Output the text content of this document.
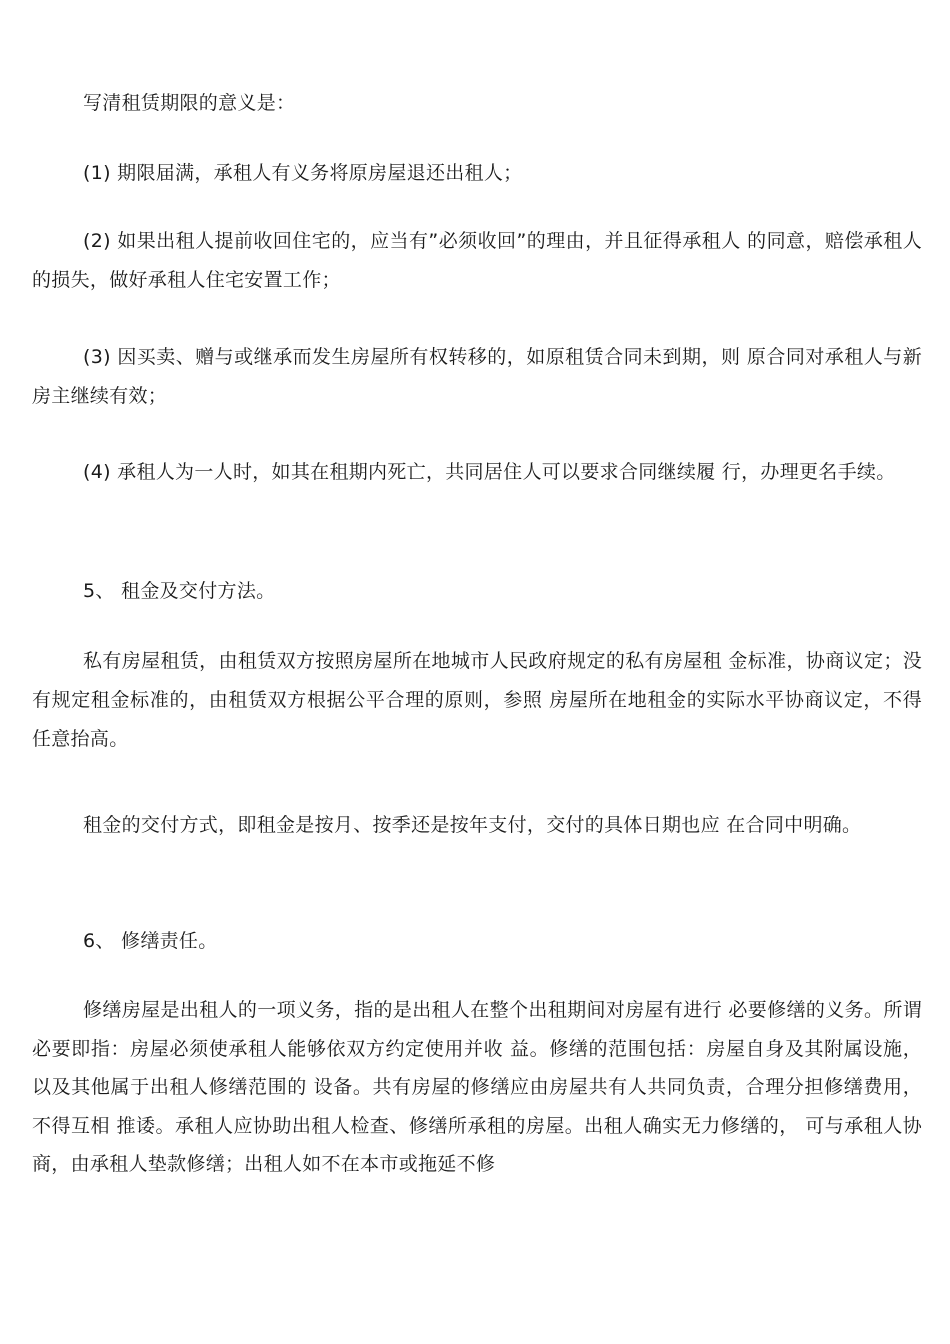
写清租赁期限的意义是：

(1) 期限届满，承租人有义务将原房屋退还出租人；

(2) 如果出租人提前收回住宅的，应当有”必须收回”的理由，并且征得承租人 的同意，赔偿承租人的损失，做好承租人住宅安置工作；

(3) 因买卖、赠与或继承而发生房屋所有权转移的，如原租赁合同未到期，则 原合同对承租人与新房主继续有效；

(4) 承租人为一人时，如其在租期内死亡，共同居住人可以要求合同继续履 行，办理更名手续。

5、 租金及交付方法。

私有房屋租赁，由租赁双方按照房屋所在地城市人民政府规定的私有房屋租 金标准，协商议定；没有规定租金标准的，由租赁双方根据公平合理的原则，参照 房屋所在地租金的实际水平协商议定，不得任意抬高。

租金的交付方式，即租金是按月、按季还是按年支付，交付的具体日期也应 在合同中明确。

6、 修缮责任。

修缮房屋是出租人的一项义务，指的是出租人在整个出租期间对房屋有进行 必要修缮的义务。所谓必要即指：房屋必须使承租人能够依双方约定使用并收 益。修缮的范围包括：房屋自身及其附属设施，以及其他属于出租人修缮范围的 设备。共有房屋的修缮应由房屋共有人共同负责，合理分担修缮费用，不得互相 推诿。承租人应协助出租人检查、修缮所承租的房屋。出租人确实无力修缮的， 可与承租人协商，由承租人垫款修缮；出租人如不在本市或拖延不修
